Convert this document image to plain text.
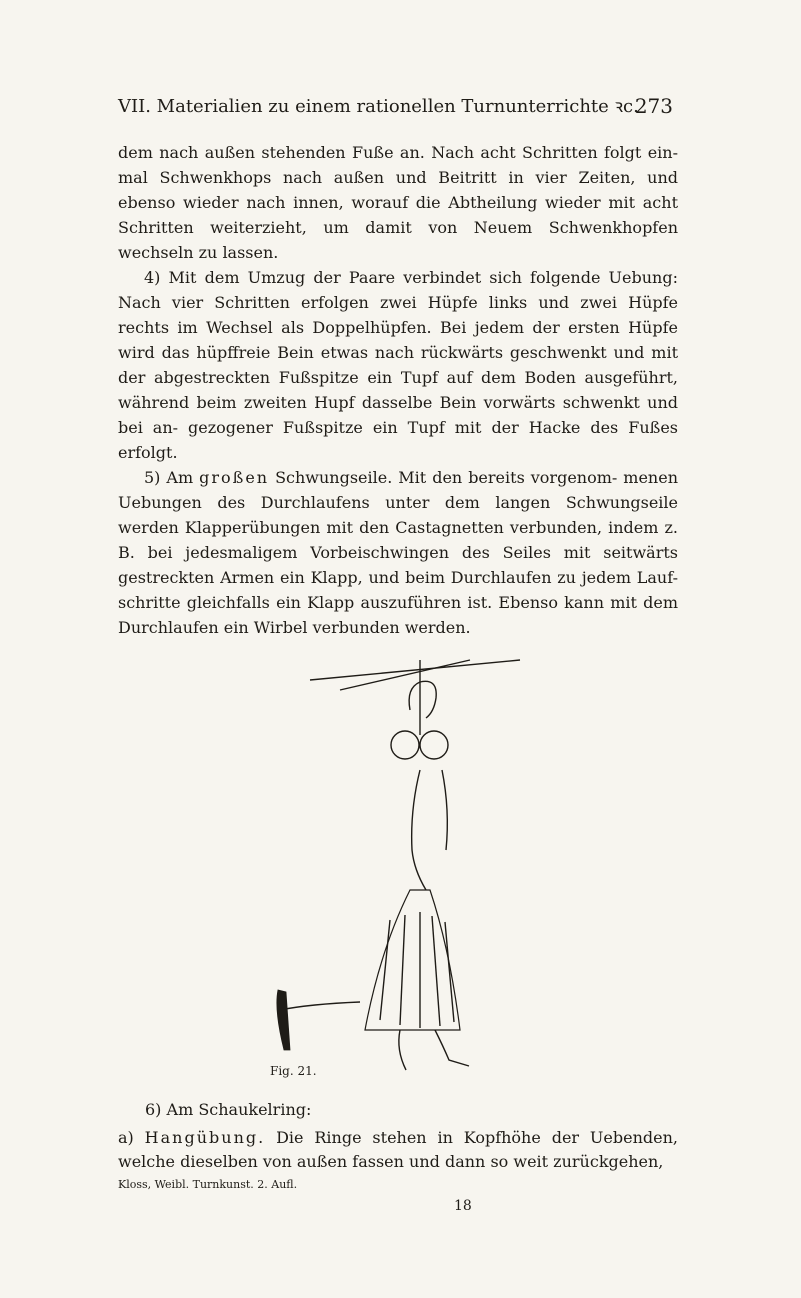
VII. Materialien zu einem rationellen Turnunterrichte ꝛc.
273

dem nach außen stehenden Fuße an. Nach acht Schritten folgt ein- mal Schwenkhops nach außen und Beitritt in vier Zeiten, und ebenso wieder nach innen, worauf die Abtheilung wieder mit acht Schritten weiterzieht, um damit von Neuem Schwenkhopfen wechseln zu lassen.

4) Mit dem Umzug der Paare verbindet sich folgende Uebung: Nach vier Schritten erfolgen zwei Hüpfe links und zwei Hüpfe rechts im Wechsel als Doppelhüpfen. Bei jedem der ersten Hüpfe wird das hüpffreie Bein etwas nach rückwärts geschwenkt und mit der abgestreckten Fußspitze ein Tupf auf dem Boden ausgeführt, während beim zweiten Hupf dasselbe Bein vorwärts schwenkt und bei an- gezogener Fußspitze ein Tupf mit der Hacke des Fußes erfolgt.

5) Am großen Schwungseile. Mit den bereits vorgenom- menen Uebungen des Durchlaufens unter dem langen Schwungseile werden Klapperübungen mit den Castagnetten verbunden, indem z. B. bei jedesmaligem Vorbeischwingen des Seiles mit seitwärts gestreckten Armen ein Klapp, und beim Durchlaufen zu jedem Lauf- schritte gleichfalls ein Klapp auszuführen ist. Ebenso kann mit dem Durchlaufen ein Wirbel verbunden werden.

Fig. 21.
6) Am Schaukelring:
a) Hangübung. Die Ringe stehen in Kopfhöhe der Uebenden, welche dieselben von außen fassen und dann so weit zurückgehen,
Kloss, Weibl. Turnkunst. 2. Aufl.
18
